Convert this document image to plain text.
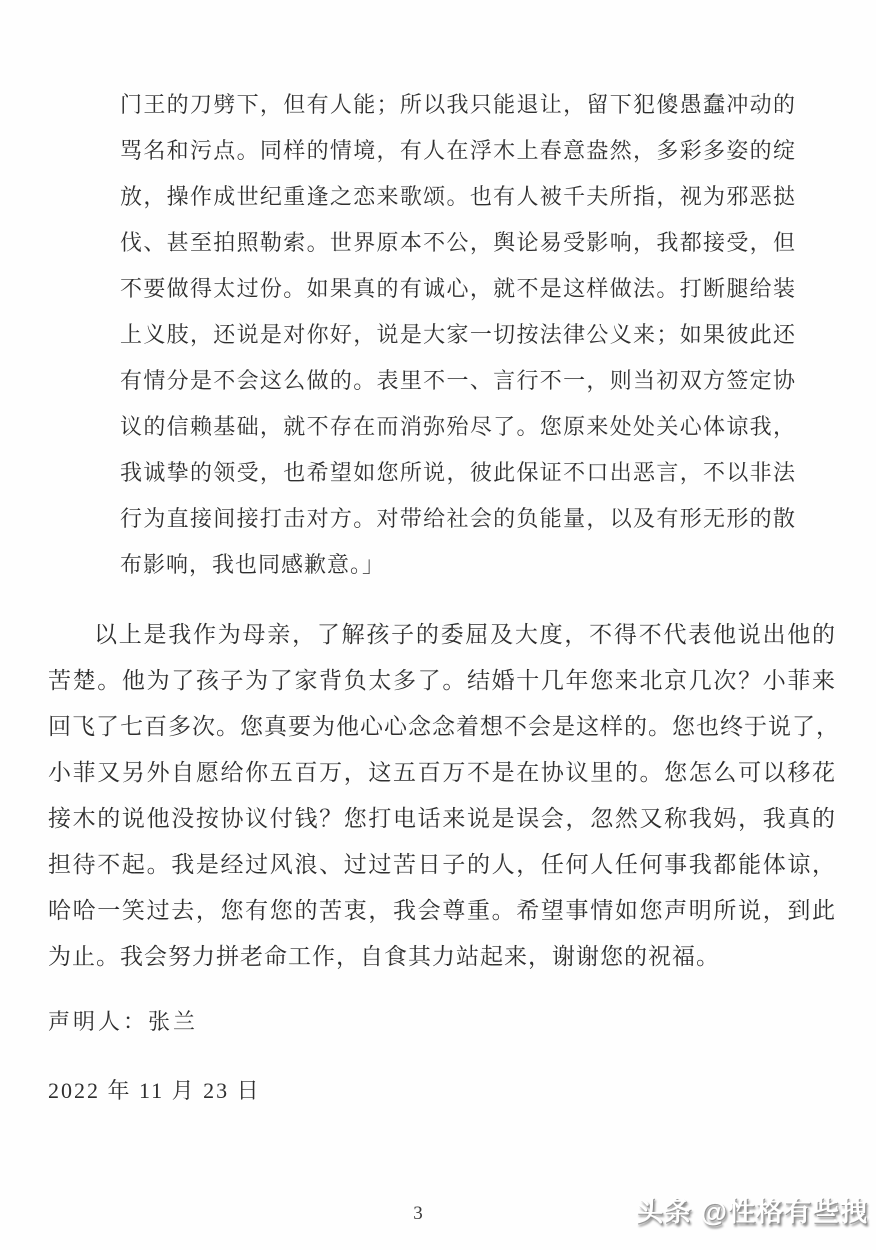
门王的刀劈下，但有人能；所以我只能退让，留下犯傻愚蠢冲动的
骂名和污点。同样的情境，有人在浮木上春意盎然，多彩多姿的绽
放，操作成世纪重逢之恋来歌颂。也有人被千夫所指，视为邪恶挞
伐、甚至拍照勒索。世界原本不公，舆论易受影响，我都接受，但
不要做得太过份。如果真的有诚心，就不是这样做法。打断腿给装
上义肢，还说是对你好，说是大家一切按法律公义来；如果彼此还
有情分是不会这么做的。表里不一、言行不一，则当初双方签定协
议的信赖基础，就不存在而消弥殆尽了。您原来处处关心体谅我，
我诚挚的领受，也希望如您所说，彼此保证不口出恶言，不以非法
行为直接间接打击对方。对带给社会的负能量，以及有形无形的散
布影响，我也同感歉意。」
以上是我作为母亲，了解孩子的委屈及大度，不得不代表他说出他的
苦楚。他为了孩子为了家背负太多了。结婚十几年您来北京几次？小菲来
回飞了七百多次。您真要为他心心念念着想不会是这样的。您也终于说了，
小菲又另外自愿给你五百万，这五百万不是在协议里的。您怎么可以移花
接木的说他没按协议付钱？您打电话来说是误会，忽然又称我妈，我真的
担待不起。我是经过风浪、过过苦日子的人，任何人任何事我都能体谅，
哈哈一笑过去，您有您的苦衷，我会尊重。希望事情如您声明所说，到此
为止。我会努力拼老命工作，自食其力站起来，谢谢您的祝福。
声明人：张兰
2022 年 11 月 23 日
3	头条 @性格有些拽
